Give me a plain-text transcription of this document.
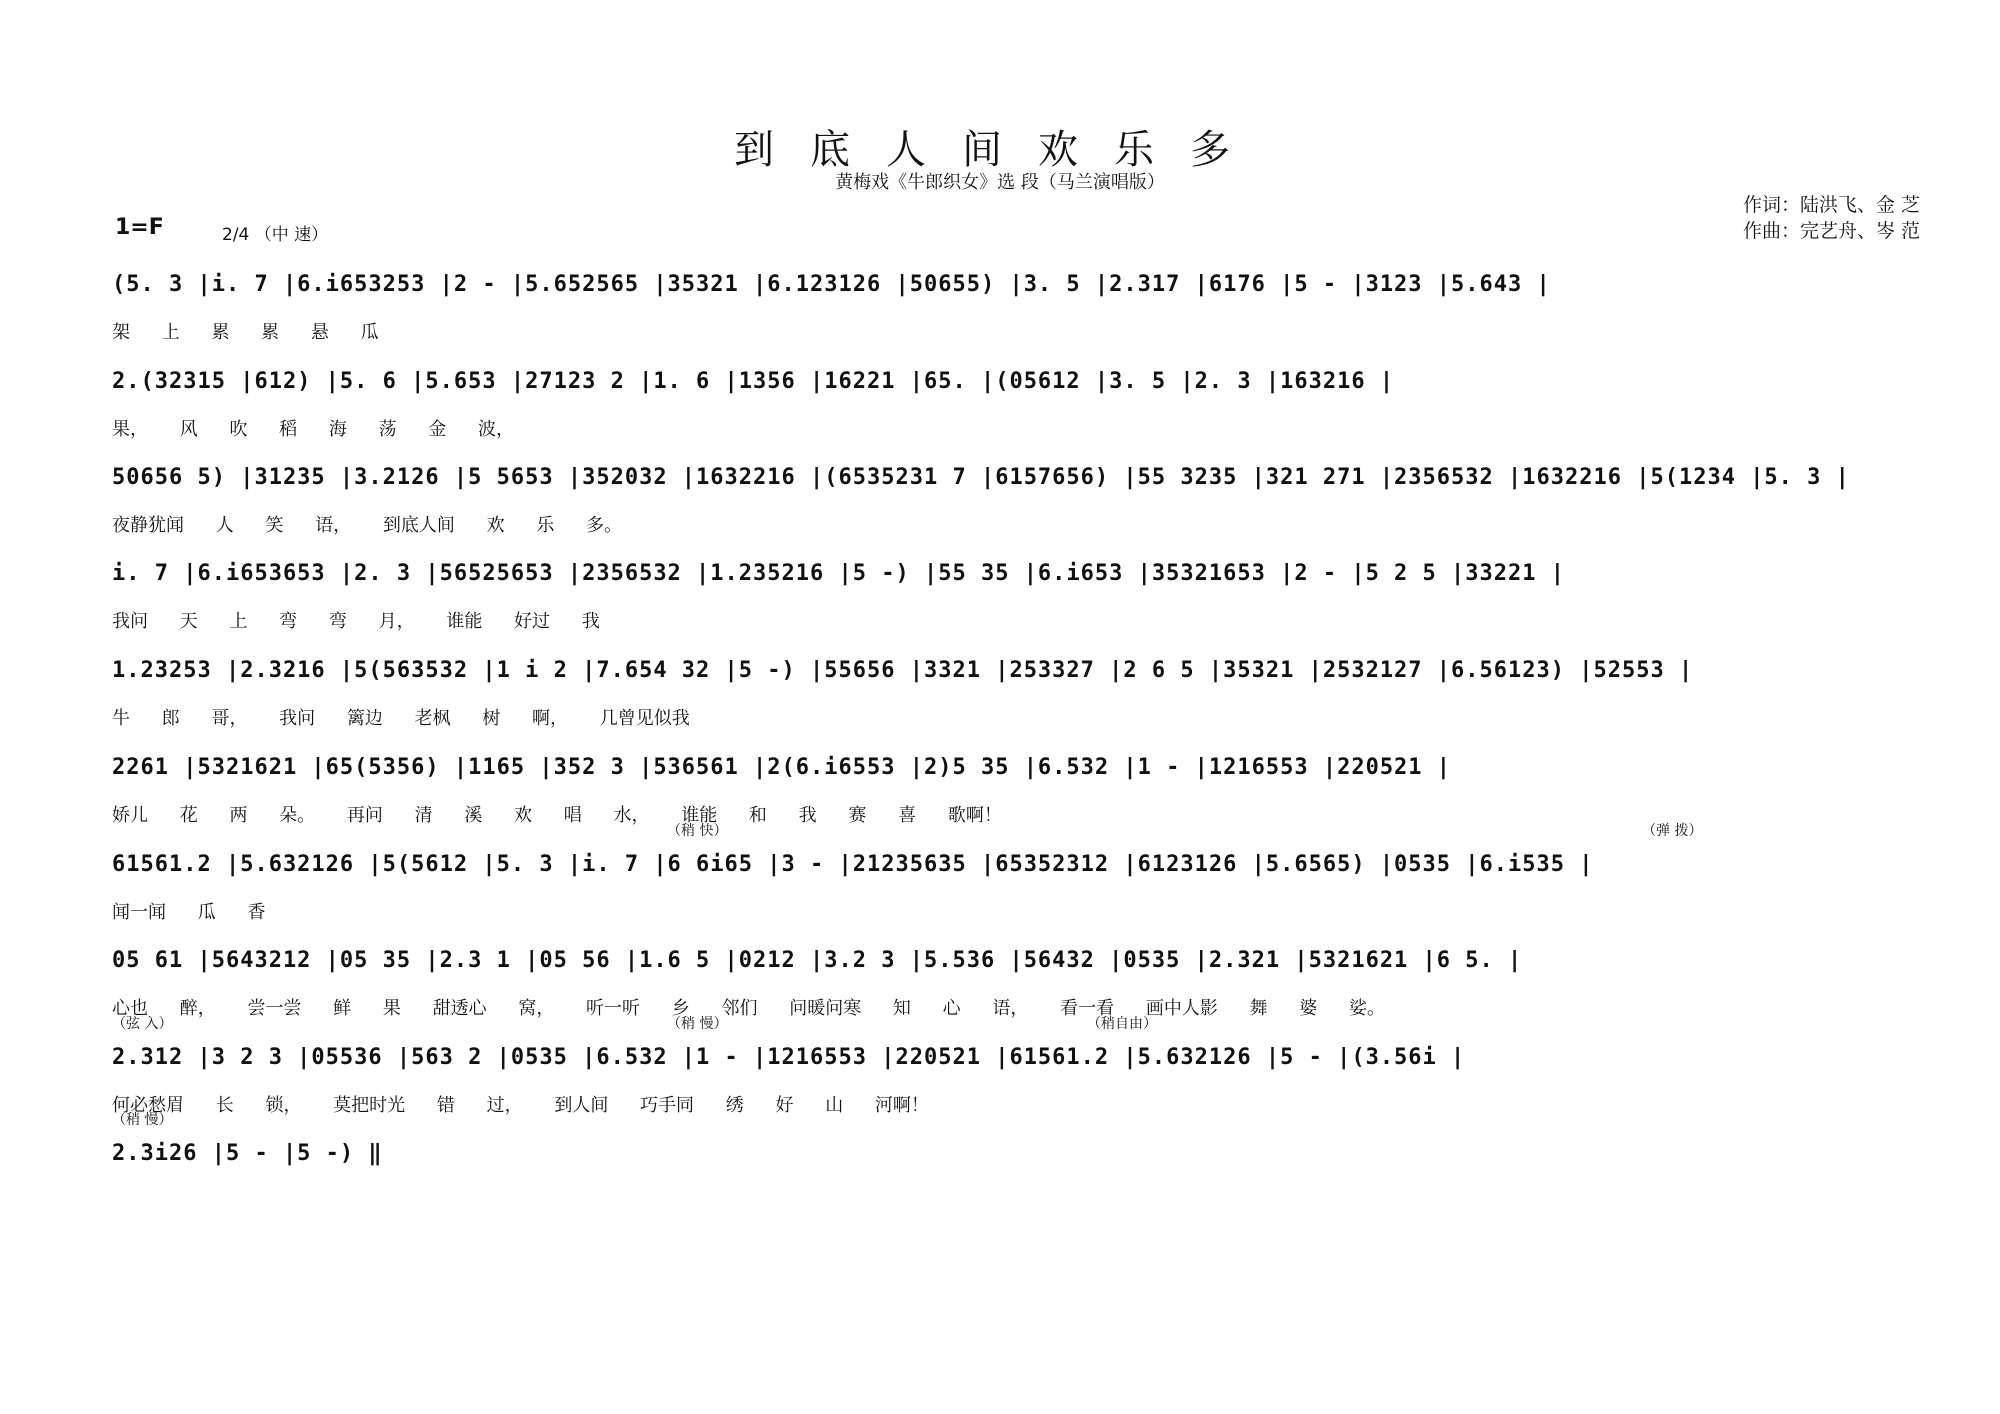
到底人间欢乐多
黄梅戏《牛郎织女》选 段（马兰演唱版）
1=F	2/4 （中 速）
作词：陆洪飞、金 芝
作曲：完艺舟、岑 范
(5. 3 |i. 7 |6.i653253 |2 - |5.652565 |35321 |6.123126 |50655) |3. 5 |2.317 |6176 |5 - |3123 |5.643 |
架 上 累 累 悬 瓜
2.(32315 |612) |5. 6 |5.653 |27123 2 |1. 6 |1356 |16221 |65. |(05612 |3. 5 |2. 3 |163216 |
果， 风 吹 稻 海 荡 金 波，
50656 5) |31235 |3.2126 |5 5653 |352032 |1632216 |(6535231 7 |6157656) |55 3235 |321 271 |2356532 |1632216 |5(1234 |5. 3 |
夜静犹闻 人 笑 语， 到底人间 欢 乐 多。
i. 7 |6.i653653 |2. 3 |56525653 |2356532 |1.235216 |5 -) |55 35 |6.i653 |35321653 |2 - |5 2 5 |33221 |
我问 天 上 弯 弯 月， 谁能 好过 我
1.23253 |2.3216 |5(563532 |1 i 2 |7.654 32 |5 -) |55656 |3321 |253327 |2 6 5 |35321 |2532127 |6.56123) |52553 |
牛 郎 哥， 我问 篱边 老枫 树 啊， 几曾见似我
2261 |5321621 |65(5356) |1165 |352 3 |536561 |2(6.i6553 |2)5 35 |6.532 |1 - |1216553 |220521 |
娇儿 花 两 朵。 再问 清 溪 欢 唱 水， 谁能 和 我 赛 喜 歌啊！
（稍 快）	（弹 拨）
61561.2 |5.632126 |5(5612 |5. 3 |i. 7 |6 6i65 |3 - |21235635 |65352312 |6123126 |5.6565) |0535 |6.i535 |
闻一闻 瓜 香
05 61 |5643212 |05 35 |2.3 1 |05 56 |1.6 5 |0212 |3.2 3 |5.536 |56432 |0535 |2.321 |5321621 |6 5. |
心也 醉， 尝一尝 鲜 果 甜透心 窝， 听一听 乡 邻们 问暖问寒 知 心 语， 看一看 画中人影 舞 婆 娑。
（弦 入）	（稍 慢）	（稍自由）
2.312 |3 2 3 |05536 |563 2 |0535 |6.532 |1 - |1216553 |220521 |61561.2 |5.632126 |5 - |(3.56i |
何必愁眉 长 锁， 莫把时光 错 过， 到人间 巧手同 绣 好 山 河啊！
（稍 慢）
2.3i26 |5 - |5 -) ‖
